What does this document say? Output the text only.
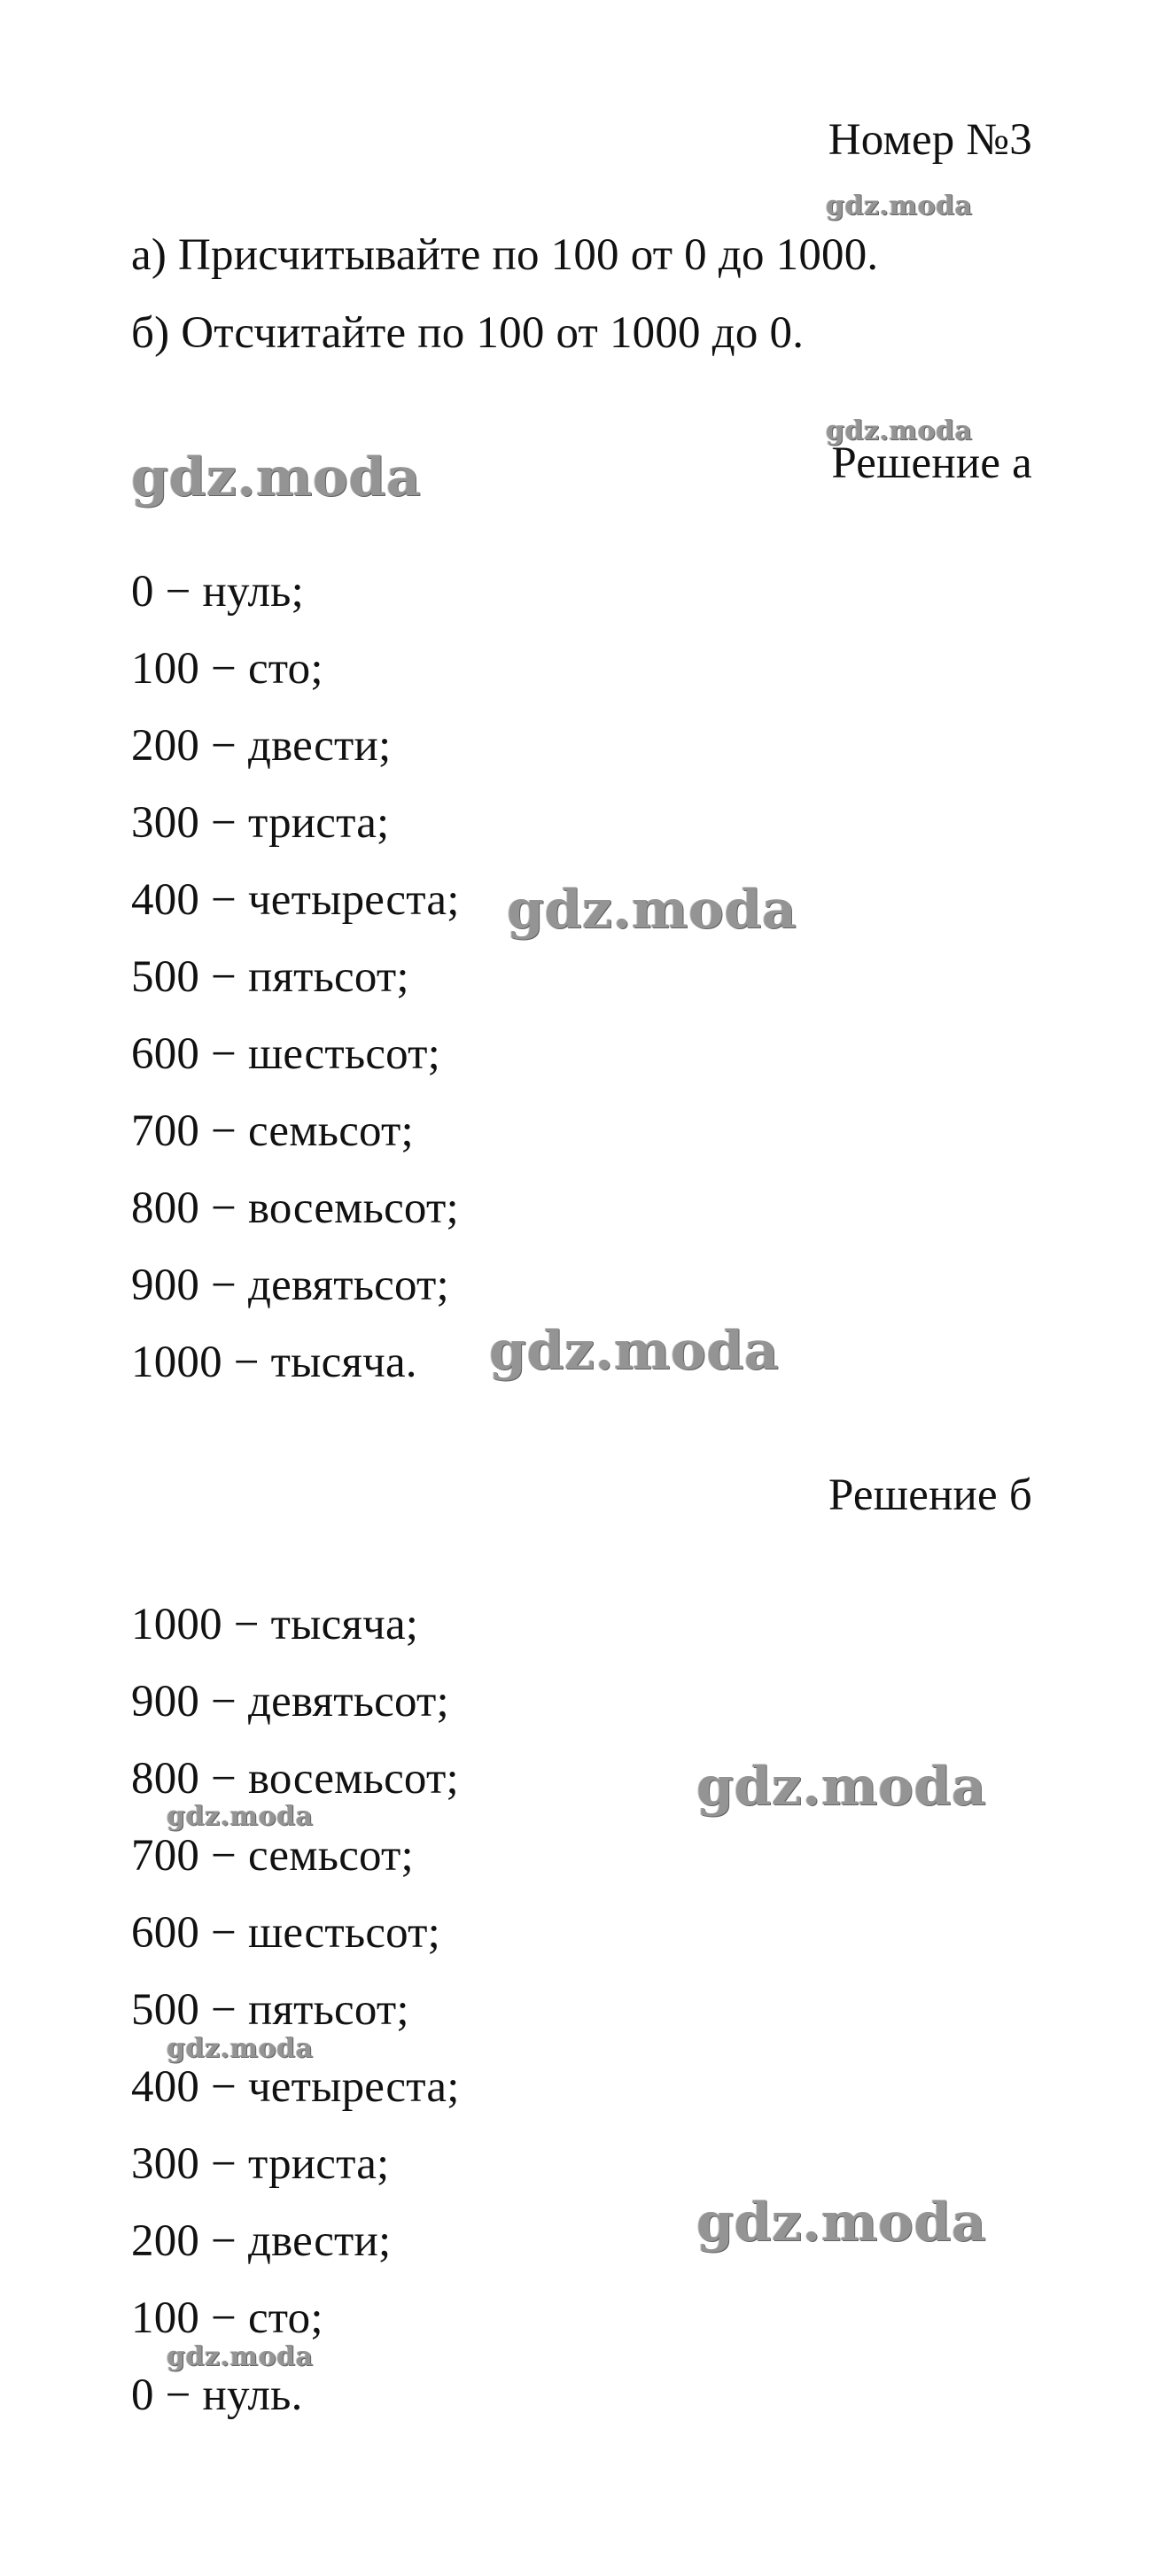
Номер №3
а) Присчитывайте по 100 от 0 до 1000.
б) Отсчитайте по 100 от 1000 до 0.
Решение а
0 − нуль;
100 − сто;
200 − двести;
300 − триста;
400 − четыреста;
500 − пятьсот;
600 − шестьсот;
700 − семьсот;
800 − восемьсот;
900 − девятьсот;
1000 − тысяча.
Решение б
1000 − тысяча;
900 − девятьсот;
800 − восемьсот;
700 − семьсот;
600 − шестьсот;
500 − пятьсот;
400 − четыреста;
300 − триста;
200 − двести;
100 − сто;
0 − нуль.
gdz.moda
gdz.moda
gdz.moda
gdz.moda
gdz.moda
gdz.moda
gdz.moda
gdz.moda
gdz.moda
gdz.moda
